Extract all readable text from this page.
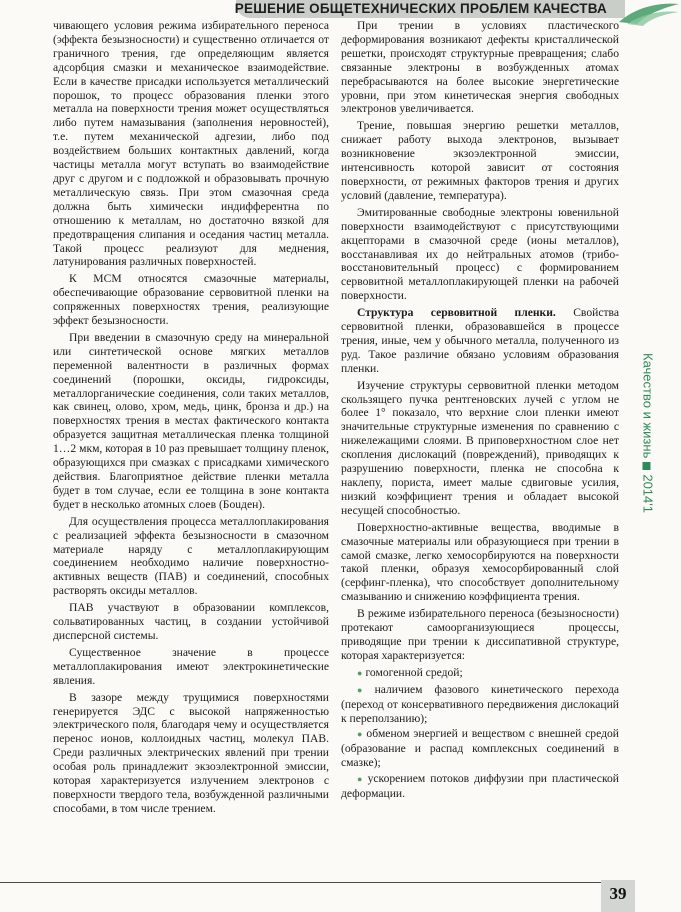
РЕШЕНИЕ ОБЩЕТЕХНИЧЕСКИХ ПРОБЛЕМ КАЧЕСТВА

чивающего условия режима избирательного переноса (эффекта безызносности) и существенно отличается от граничного трения, где определяющим является адсорбция смазки и механическое взаимодействие. Если в качестве присадки используется металлический порошок, то процесс образования пленки этого металла на поверхности трения может осуществляться либо путем намазывания (заполнения неровностей), т.е. путем механической адгезии, либо под воздействием больших контактных давлений, когда частицы металла могут вступать во взаимодействие друг с другом и с подложкой и образовывать прочную металлическую связь. При этом смазочная среда должна быть химически индифферентна по отношению к металлам, но достаточно вязкой для предотвращения слипания и оседания частиц металла. Такой процесс реализуют для меднения, латунирования различных поверхностей.

К МСМ относятся смазочные материалы, обеспечивающие образование сервовитной пленки на сопряженных поверхностях трения, реализующие эффект безызносности.

При введении в смазочную среду на минеральной или синтетической основе мягких металлов переменной валентности в различных формах соединений (порошки, оксиды, гидроксиды, металлорганические соединения, соли таких металлов, как свинец, олово, хром, медь, цинк, бронза и др.) на поверхностях трения в местах фактического контакта образуется защитная металлическая пленка толщиной 1…2 мкм, которая в 10 раз превышает толщину пленок, образующихся при смазках с присадками химического действия. Благоприятное действие пленки металла будет в том случае, если ее толщина в зоне контакта будет в несколько атомных слоев (Бouден).

Для осуществления процесса металлоплакирования с реализацией эффекта безызносности в смазочном материале наряду с металлоплакирующим соединением необходимо наличие поверхностно-активных веществ (ПАВ) и соединений, способных растворять оксиды металлов.

ПАВ участвуют в образовании комплексов, сольватированных частиц, в создании устойчивой дисперсной системы.

Существенное значение в процессе металлоплакирования имеют электрокинетические явления.

В зазоре между трущимися поверхностями генерируется ЭДС с высокой напряженностью электрического поля, благодаря чему и осуществляется перенос ионов, коллоидных частиц, молекул ПАВ. Среди различных электрических явлений при трении особая роль принадлежит экзоэлектронной эмиссии, которая характеризуется излучением электронов с поверхности твердого тела, возбужденной различными способами, в том числе трением.

При трении в условиях пластического деформирования возникают дефекты кристаллической решетки, происходят структурные превращения; слабо связанные электроны в возбужденных атомах перебрасываются на более высокие энергетические уровни, при этом кинетическая энергия свободных электронов увеличивается.

Трение, повышая энергию решетки металлов, снижает работу выхода электронов, вызывает возникновение экзоэлектронной эмиссии, интенсивность которой зависит от состояния поверхности, от режимных факторов трения и других условий (давление, температура).

Эмитированные свободные электроны ювенильной поверхности взаимодействуют с присутствующими акцепторами в смазочной среде (ионы металлов), восстанавливая их до нейтральных атомов (трибо-восстановительный процесс) с формированием сервовитной металлоплакирующей пленки на рабочей поверхности.

Структура сервовитной пленки. Свойства сервовитной пленки, образовавшейся в процессе трения, иные, чем у обычного металла, полученного из руд. Такое различие обязано условиям образования пленки.

Изучение структуры сервовитной пленки методом скользящего пучка рентгеновских лучей с углом не более 1° показало, что верхние слои пленки имеют значительные структурные изменения по сравнению с нижележащими слоями. В приповерхностном слое нет скопления дислокаций (повреждений), приводящих к разрушению поверхности, пленка не способна к наклепу, пориста, имеет малые сдвиговые усилия, низкий коэффициент трения и обладает высокой несущей способностью.

Поверхностно-активные вещества, вводимые в смазочные материалы или образующиеся при трении в самой смазке, легко хемосорбируются на поверхности такой пленки, образуя хемосорбированный слой (серфинг-пленка), что способствует дополнительному смазыванию и снижению коэффициента трения.

В режиме избирательного переноса (безызносности) протекают самоорганизующиеся процессы, приводящие при трении к диссипативной структуре, которая характеризуется:

● гомогенной средой;
● наличием фазового кинетического перехода (переход от консервативного передвижения дислокаций к переползанию);
● обменом энергией и веществом с внешней средой (образование и распад комплексных соединений в смазке);
● ускорением потоков диффузии при пластической деформации.
Качество и жизнь2014'1
39
